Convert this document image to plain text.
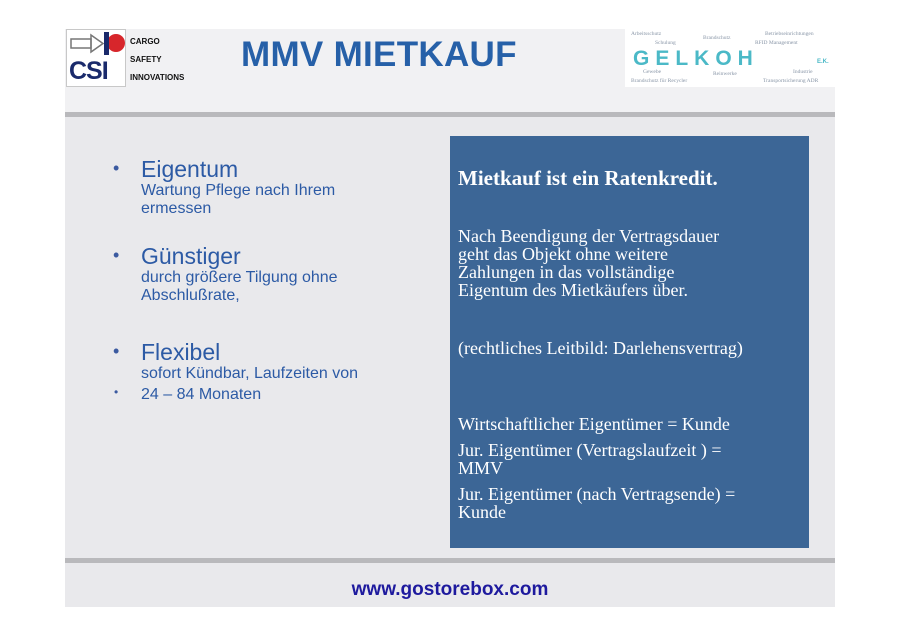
CSI
CARGO
SAFETY
INNOVATIONS
MMV MIETKAUF
Arbeitsschutz
Brandschutz
Betriebseinrichtungen
Schulung	RFID Management
GELKOH	E.K.
Gewebe	Reinwerke	Industrie
Brandschutz für Recycler	Transportsicherung ADR
• Eigentum
Wartung Pflege nach Ihrem
ermessen
• Günstiger
durch größere Tilgung ohne
Abschlußrate,
• Flexibel
sofort Kündbar, Laufzeiten von
• 24 – 84 Monaten
Mietkauf ist ein Ratenkredit.
Nach Beendigung der Vertragsdauer
geht das Objekt ohne weitere
Zahlungen in das vollständige
Eigentum des Mietkäufers über.
(rechtliches Leitbild: Darlehensvertrag)
Wirtschaftlicher Eigentümer = Kunde
Jur. Eigentümer (Vertragslaufzeit ) =
MMV
Jur. Eigentümer (nach Vertragsende) =
Kunde
www.gostorebox.com
